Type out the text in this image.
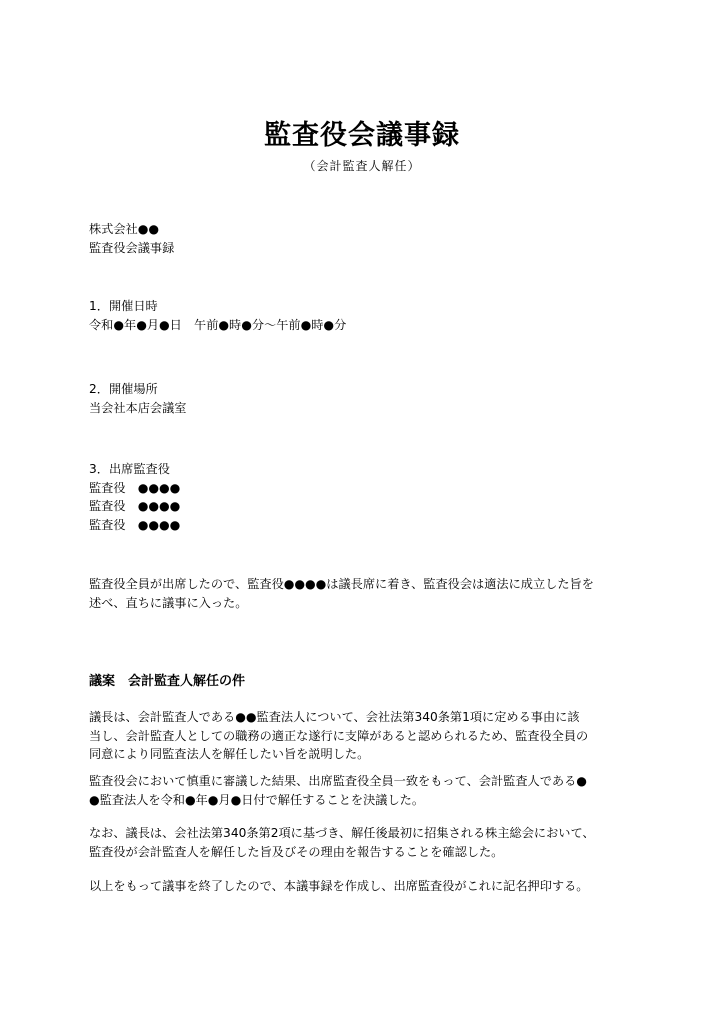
監査役会議事録
（会計監査人解任）
株式会社●●
監査役会議事録
1．開催日時
令和●年●月●日　午前●時●分～午前●時●分
2．開催場所
当会社本店会議室
3．出席監査役
監査役　●●●●
監査役　●●●●
監査役　●●●●
監査役全員が出席したので、監査役●●●●は議長席に着き、監査役会は適法に成立した旨を
述べ、直ちに議事に入った。
議案　会計監査人解任の件
議長は、会計監査人である●●監査法人について、会社法第340条第1項に定める事由に該
当し、会計監査人としての職務の適正な遂行に支障があると認められるため、監査役全員の
同意により同監査法人を解任したい旨を説明した。
監査役会において慎重に審議した結果、出席監査役全員一致をもって、会計監査人である●
●監査法人を令和●年●月●日付で解任することを決議した。
なお、議長は、会社法第340条第2項に基づき、解任後最初に招集される株主総会において、
監査役が会計監査人を解任した旨及びその理由を報告することを確認した。
以上をもって議事を終了したので、本議事録を作成し、出席監査役がこれに記名押印する。
